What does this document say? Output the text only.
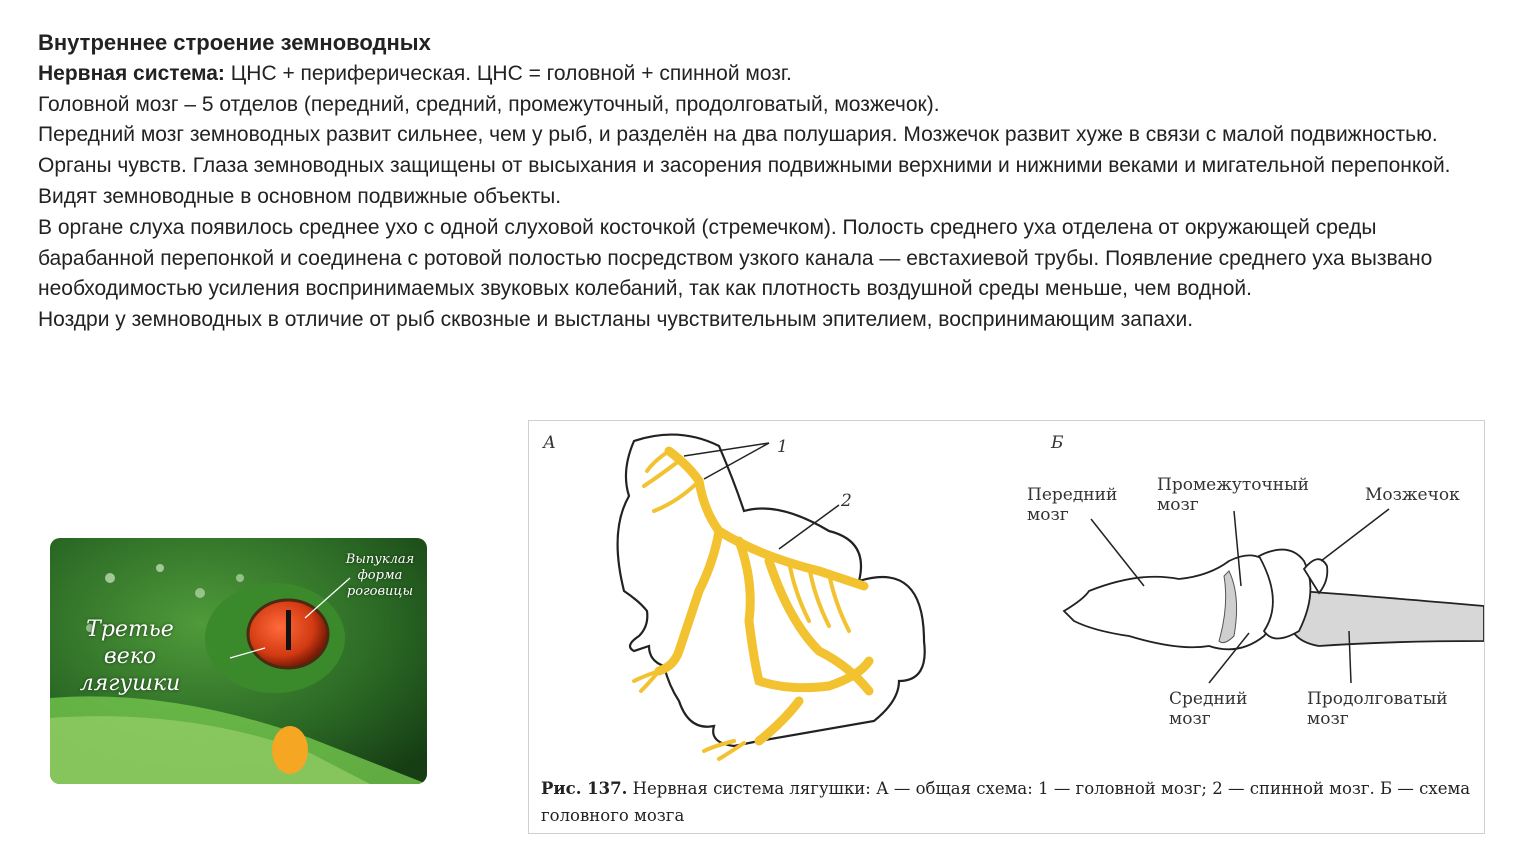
Внутреннее строение земноводных

Нервная система: ЦНС + периферическая. ЦНС = головной + спинной мозг.

Головной мозг – 5 отделов (передний, средний, промежуточный, продолговатый, мозжечок).

Передний мозг земноводных развит сильнее, чем у рыб, и разделён на два полушария. Мозжечок развит хуже в связи с малой подвижностью.

Органы чувств. Глаза земноводных защищены от высыхания и засорения подвижными верхними и нижними веками и мигательной перепонкой. Видят земноводные в основном подвижные объекты.

В органе слуха появилось среднее ухо с одной слуховой косточкой (стремечком). Полость среднего уха отделена от окружающей среды барабанной перепонкой и соединена с ротовой полостью посредством узкого канала — евстахиевой трубы. Появление среднего уха вызвано необходимостью усиления воспринимаемых звуковых колебаний, так как плотность воздушной среды меньше, чем водной.

Ноздри у земноводных в отличие от рыб сквозные и выстланы чувствительным эпителием, воспринимающим запахи.

Третье веко лягушки
Выпуклая форма роговицы
А	Б
1
2	Передний мозг
Промежуточный мозг	Мозжечок
Средний мозг
Продолговатый мозг
Рис. 137. Нервная система лягушки: А — общая схема: 1 — головной мозг; 2 — спинной мозг. Б — схема головного мозга
